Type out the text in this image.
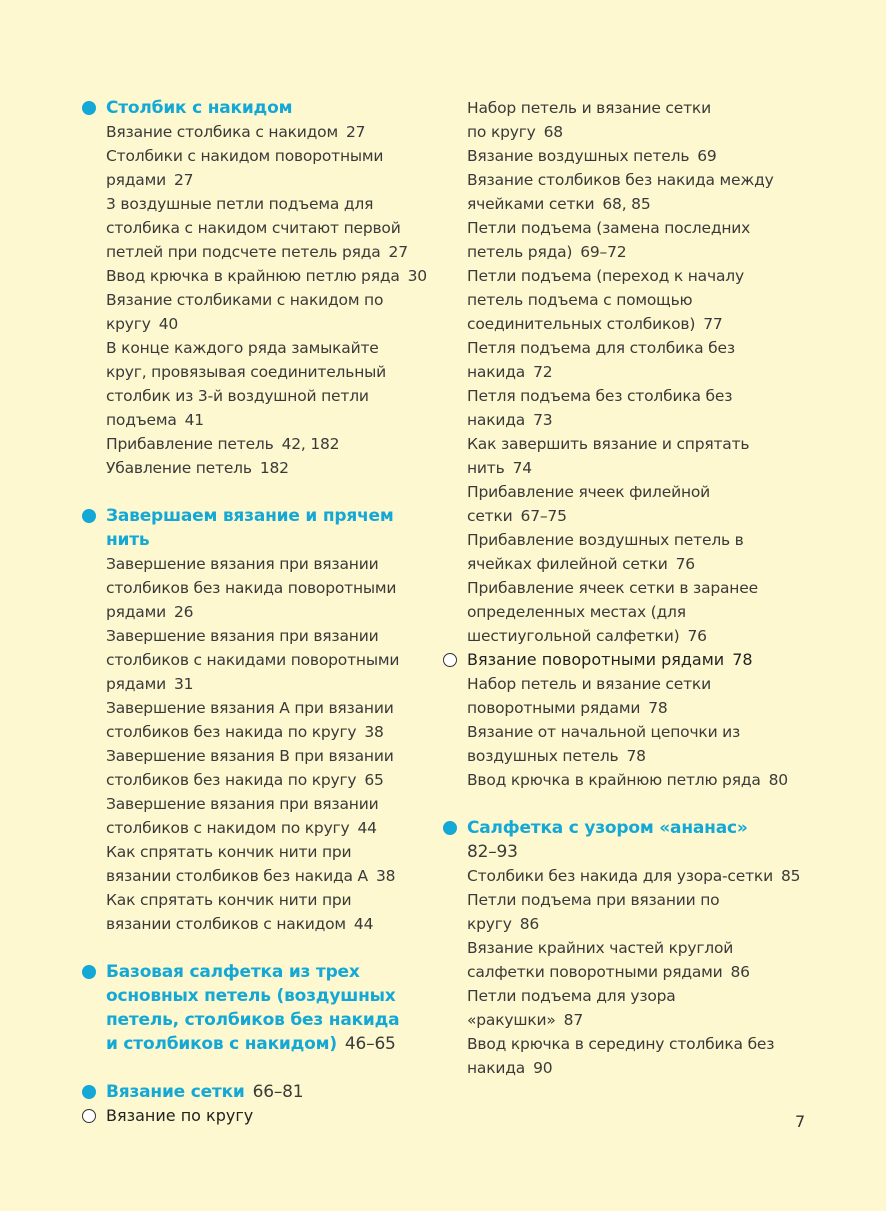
Столбик с накидом
Вязание столбика с накидом 27
Столбики с накидом поворотными рядами 27
3 воздушные петли подъема для столбика с накидом считают первой петлей при подсчете петель ряда 27
Ввод крючка в крайнюю петлю ряда 30
Вязание столбиками с накидом по кругу 40
В конце каждого ряда замыкайте круг, провязывая соединительный столбик из 3-й воздушной петли подъема 41
Прибавление петель 42, 182
Убавление петель 182
Завершаем вязание и прячем нить
Завершение вязания при вязании столбиков без накида поворотными рядами 26
Завершение вязания при вязании столбиков с накидами поворотными рядами 31
Завершение вязания А при вязании столбиков без накида по кругу 38
Завершение вязания В при вязании столбиков без накида по кругу 65
Завершение вязания при вязании столбиков с накидом по кругу 44
Как спрятать кончик нити при вязании столбиков без накида А 38
Как спрятать кончик нити при вязании столбиков с накидом 44
Базовая салфетка из трех основных петель (воздушных петель, столбиков без накида и столбиков с накидом) 46–65
Вязание сетки 66–81
Вязание по кругу
Набор петель и вязание сетки по кругу 68
Вязание воздушных петель 69
Вязание столбиков без накида между ячейками сетки 68, 85
Петли подъема (замена последних петель ряда) 69–72
Петли подъема (переход к началу петель подъема с помощью соединительных столбиков) 77
Петля подъема для столбика без накида 72
Петля подъема без столбика без накида 73
Как завершить вязание и спрятать нить 74
Прибавление ячеек филейной сетки 67–75
Прибавление воздушных петель в ячейках филейной сетки 76
Прибавление ячеек сетки в заранее определенных местах (для шестиугольной салфетки) 76
Вязание поворотными рядами 78
Набор петель и вязание сетки поворотными рядами 78
Вязание от начальной цепочки из воздушных петель 78
Ввод крючка в крайнюю петлю ряда 80
Салфетка с узором «ананас»
82–93
Столбики без накида для узора-сетки 85
Петли подъема при вязании по кругу 86
Вязание крайних частей круглой салфетки поворотными рядами 86
Петли подъема для узора «ракушки» 87
Ввод крючка в середину столбика без накида 90
7
